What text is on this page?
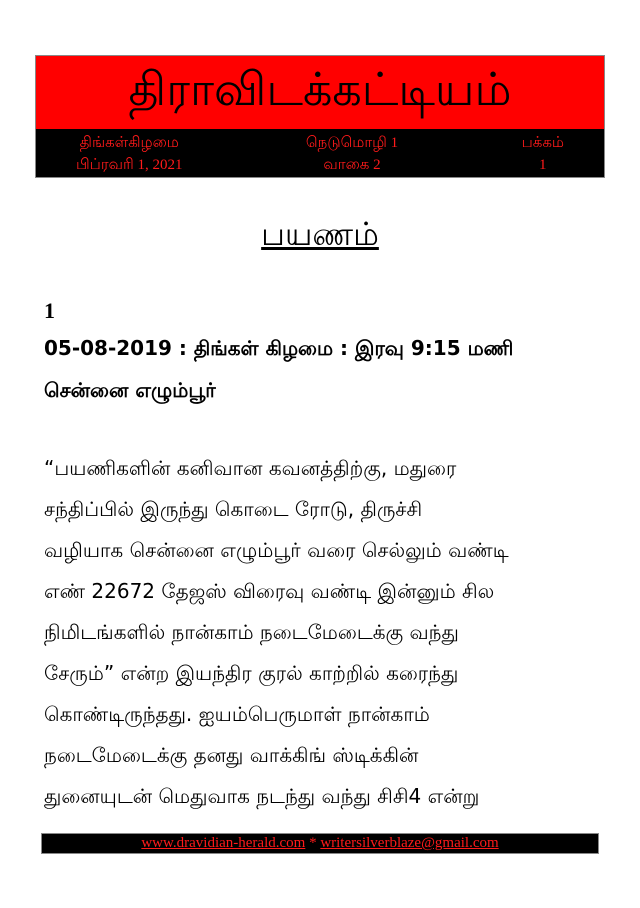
திராவிடக்கட்டியம்
திங்கள்கிழமை
பிப்ரவரி 1, 2021
நெடுமொழி 1
வாகை 2
பக்கம்
1
பயணம்
1
05-08-2019 : திங்கள் கிழமை : இரவு 9:15 மணி
சென்னை எழும்பூர்
“பயணிகளின் கனிவான கவனத்திற்கு, மதுரை
சந்திப்பில் இருந்து கொடை ரோடு, திருச்சி
வழியாக சென்னை எழும்பூர் வரை செல்லும் வண்டி
எண் 22672 தேஜஸ் விரைவு வண்டி இன்னும் சில
நிமிடங்களில் நான்காம் நடைமேடைக்கு வந்து
சேரும்” என்ற இயந்திர குரல் காற்றில் கரைந்து
கொண்டிருந்தது. ஐயம்பெருமாள் நான்காம்
நடைமேடைக்கு தனது வாக்கிங் ஸ்டிக்கின்
துனையுடன் மெதுவாக நடந்து வந்து சிசி4 என்று
www.dravidian-herald.com * writersilverblaze@gmail.com
